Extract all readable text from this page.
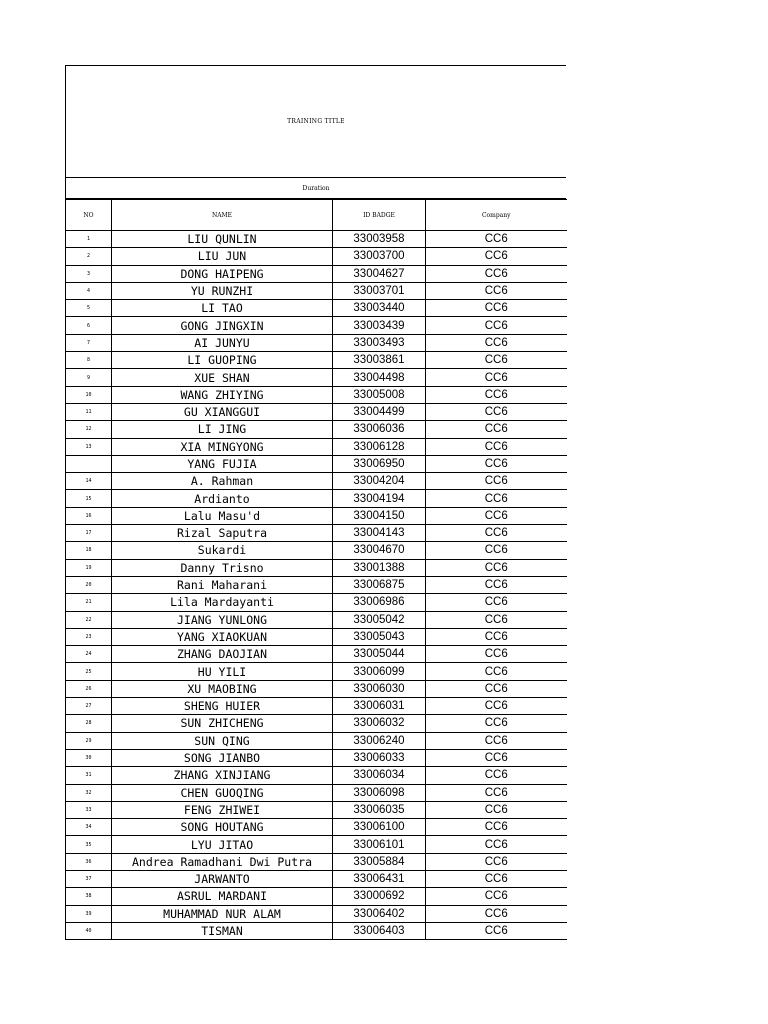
TRAINING TITLE
Duration
NO	NAME	ID BADGE	Company
1	LIU QUNLIN	33003958	CC6
2	LIU JUN	33003700	CC6
3	DONG HAIPENG	33004627	CC6
4	YU RUNZHI	33003701	CC6
5	LI TAO	33003440	CC6
6	GONG JINGXIN	33003439	CC6
7	AI JUNYU	33003493	CC6
8	LI GUOPING	33003861	CC6
9	XUE SHAN	33004498	CC6
10	WANG ZHIYING	33005008	CC6
11	GU XIANGGUI	33004499	CC6
12	LI JING	33006036	CC6
13	XIA MINGYONG	33006128	CC6
	YANG FUJIA	33006950	CC6
14	A. Rahman	33004204	CC6
15	Ardianto	33004194	CC6
16	Lalu Masu'd	33004150	CC6
17	Rizal Saputra	33004143	CC6
18	Sukardi	33004670	CC6
19	Danny Trisno	33001388	CC6
20	Rani Maharani	33006875	CC6
21	Lila Mardayanti	33006986	CC6
22	JIANG YUNLONG	33005042	CC6
23	YANG XIAOKUAN	33005043	CC6
24	ZHANG DAOJIAN	33005044	CC6
25	HU YILI	33006099	CC6
26	XU MAOBING	33006030	CC6
27	SHENG HUIER	33006031	CC6
28	SUN ZHICHENG	33006032	CC6
29	SUN QING	33006240	CC6
30	SONG JIANBO	33006033	CC6
31	ZHANG XINJIANG	33006034	CC6
32	CHEN GUOQING	33006098	CC6
33	FENG ZHIWEI	33006035	CC6
34	SONG HOUTANG	33006100	CC6
35	LYU JITAO	33006101	CC6
36	Andrea Ramadhani Dwi Putra	33005884	CC6
37	JARWANTO	33006431	CC6
38	ASRUL MARDANI	33000692	CC6
39	MUHAMMAD NUR ALAM	33006402	CC6
40	TISMAN	33006403	CC6
